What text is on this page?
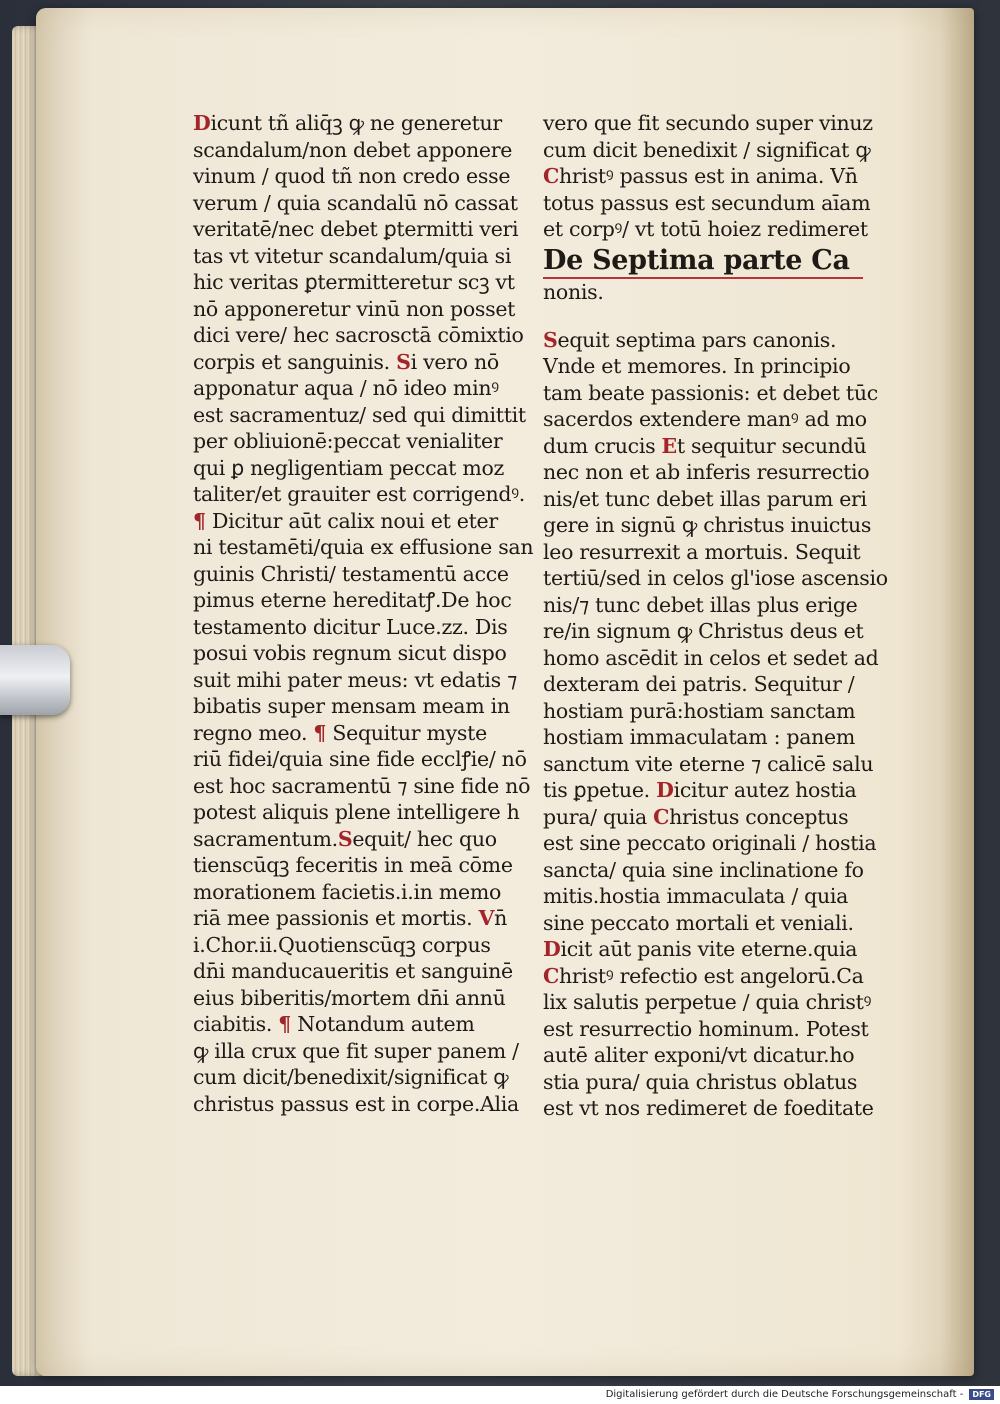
Dicunt tñ aliq̄ꝫ ꝙ ne generetur
scandalum/non debet apponere
vinum / quod tñ non credo esse
verum / quia scandalū nō cassat
veritatē/nec debet ꝑtermitti veri
tas vt vitetur scandalum/quia si
hic veritas ꝑtermitteretur scꝫ vt
nō apponeretur vinū non posset
dici vere/ hec sacrosctā cōmixtio
corpis et sanguinis. Si vero nō
apponatur aqua / nō ideo minꝰ
est sacramentuz/ sed qui dimittit
per obliuionē:peccat venialiter
qui ꝑ negligentiam peccat moz
taliter/et grauiter est corrigendꝰ.
¶ Dicitur aūt calix noui et eter
ni testamēti/quia ex effusione san
guinis Christi/ testamentū acce
pimus eterne hereditatꝭ.De hoc
testamento dicitur Luce.zz. Dis
posui vobis regnum sicut dispo
suit mihi pater meus: vt edatis ⁊
bibatis super mensam meam in
regno meo. ¶ Sequitur myste
riū fidei/quia sine fide ecclꝭie/ nō
est hoc sacramentū ⁊ sine fide nō
potest aliquis plene intelligere h
sacramentum.Sequit/ hec quo
tienscūqꝫ feceritis in meā cōme
morationem facietis.i.in memo
riā mee passionis et mortis. Vn̄
i.Chor.ii.Quotienscūqꝫ corpus
dn̄i manducaueritis et sanguinē
eius biberitis/mortem dn̄i annū
ciabitis. ¶ Notandum autem
ꝙ illa crux que fit super panem /
cum dicit/benedixit/significat ꝙ
christus passus est in corpe.Alia
vero que fit secundo super vinuz
cum dicit benedixit / significat ꝙ
Christꝰ passus est in anima. Vn̄
totus passus est secundum aīam
et corpꝰ/ vt totū hoiez redimeret
De Septima parte Ca
nonis.
Sequit septima pars canonis.
Vnde et memores. In principio
tam beate passionis: et debet tūc
sacerdos extendere manꝰ ad mo
dum crucis Et sequitur secundū
nec non et ab inferis resurrectio
nis/et tunc debet illas parum eri
gere in signū ꝙ christus inuictus
leo resurrexit a mortuis. Sequit
tertiū/sed in celos gl'iose ascensio
nis/⁊ tunc debet illas plus erige
re/in signum ꝙ Christus deus et
homo ascēdit in celos et sedet ad
dexteram dei patris. Sequitur /
hostiam purā:hostiam sanctam
hostiam immaculatam : panem
sanctum vite eterne ⁊ calicē salu
tis ꝑpetue. Dicitur autez hostia
pura/ quia Christus conceptus
est sine peccato originali / hostia
sancta/ quia sine inclinatione fo
mitis.hostia immaculata / quia
sine peccato mortali et veniali.
Dicit aūt panis vite eterne.quia
Christꝰ refectio est angelorū.Ca
lix salutis perpetue / quia christꝰ
est resurrectio hominum. Potest
autē aliter exponi/vt dicatur.ho
stia pura/ quia christus oblatus
est vt nos redimeret de foeditate
Digitalisierung gefördert durch die Deutsche Forschungsgemeinschaft - DFG
